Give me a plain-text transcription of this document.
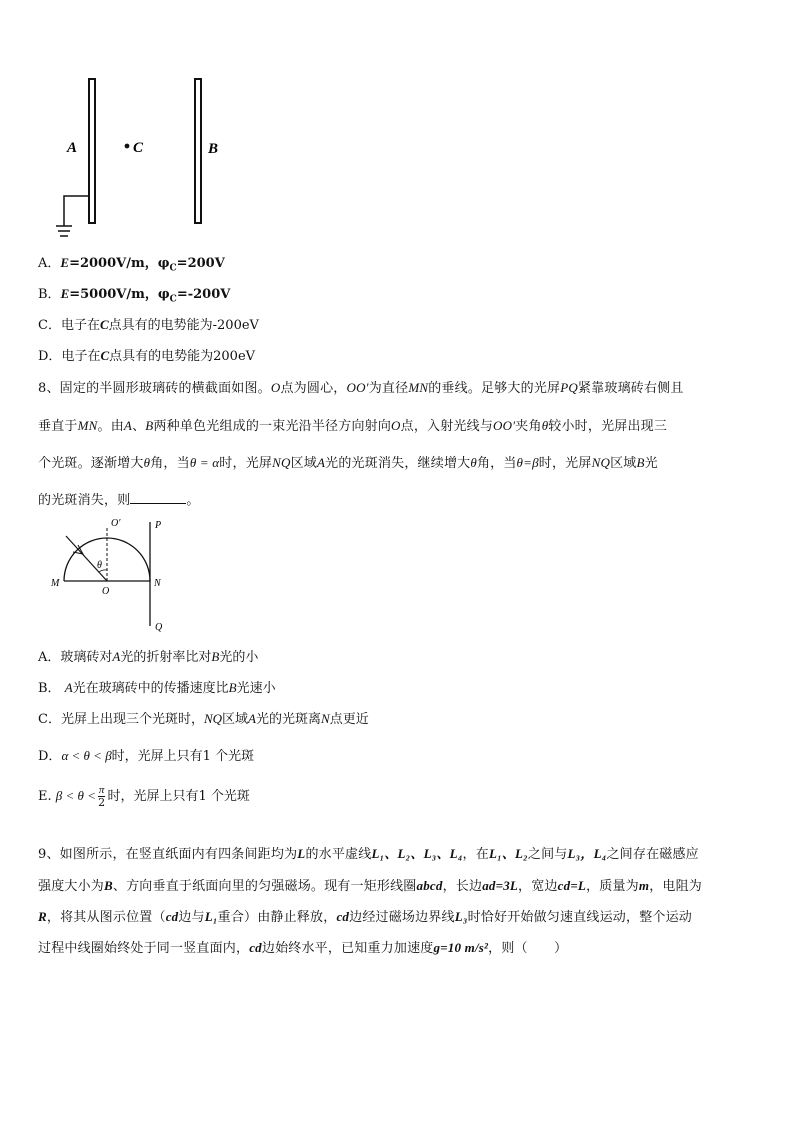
A	C	B
A．E=2000V/m，$\varphi_C=200V$
B．E=5000V/m，$\varphi_C=-200V$
C．电子在C点具有的电势能为-200eV
D．电子在C点具有的电势能为200eV
8、固定的半圆形玻璃砖的横截面如图。O点为圆心，OO′为直径MN的垂线。足够大的光屏PQ紧靠玻璃砖右侧且
垂直于MN。由A、B两种单色光组成的一束光沿半径方向射向O点，入射光线与OO′夹角θ较小时，光屏出现三
个光斑。逐渐增大θ角，当θ = α时，光屏NQ区域A光的光斑消失，继续增大θ角，当θ=β时，光屏NQ区域B光
的光斑消失，则	。
M
O
N
P
Q
O′
θ
A．玻璃砖对A光的折射率比对B光的小
B． A光在玻璃砖中的传播速度比B光速小
C．光屏上出现三个光斑时，NQ区域A光的光斑离N点更近
D．α < θ < β时，光屏上只有1 个光斑
E. $\beta < \theta < \frac{\pi}{2}$ 时，光屏上只有1 个光斑
9、如图所示，在竖直纸面内有四条间距均为L的水平虚线L₁、L₂、L₃、L₄，在L₁、L₂之间与L₃，L₄之间存在磁感应
强度大小为B、方向垂直于纸面向里的匀强磁场。现有一矩形线圈abcd，长边ad=3L，宽边cd=L，质量为m，电阻为
R，将其从图示位置（cd边与L₁重合）由静止释放，cd边经过磁场边界线L₃时恰好开始做匀速直线运动，整个运动
过程中线圈始终处于同一竖直面内，cd边始终水平，已知重力加速度g=10 m/s²，则（　　）
